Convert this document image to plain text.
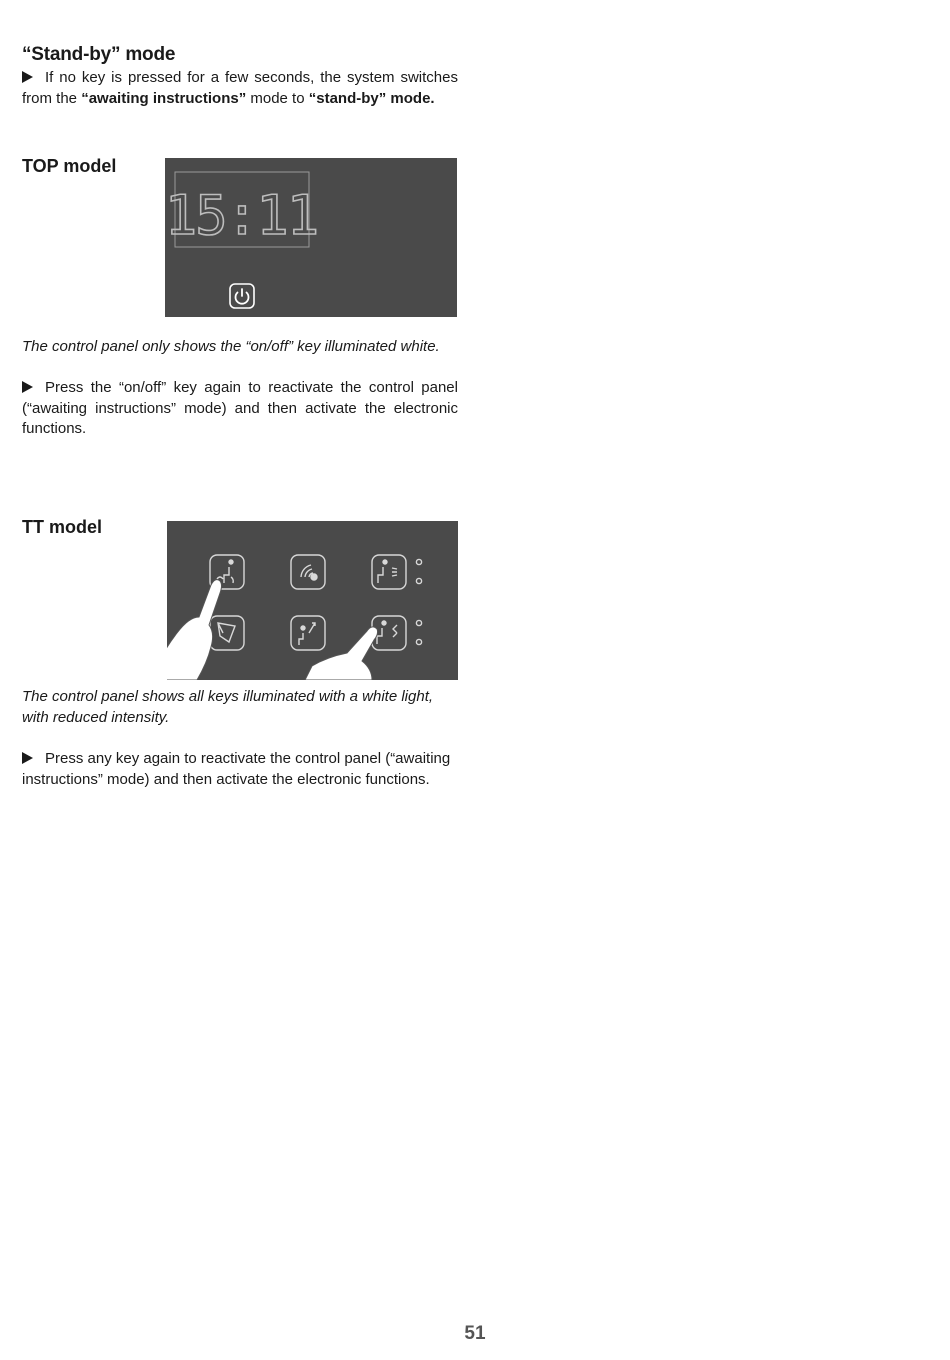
“Stand-by” mode
If no key is pressed for a few seconds, the system switches from the “awaiting instructions” mode to “stand-by” mode.
TOP model
15:11
The control panel only shows the “on/off” key illuminated white.
Press the “on/off” key again to reactivate the control panel (“awaiting instructions” mode) and then activate the electronic functions.
TT model
The control panel shows all keys illuminated with a white light, with reduced intensity.
Press any key again to reactivate the control panel (“awaiting instructions” mode) and then activate the electronic functions.
51
